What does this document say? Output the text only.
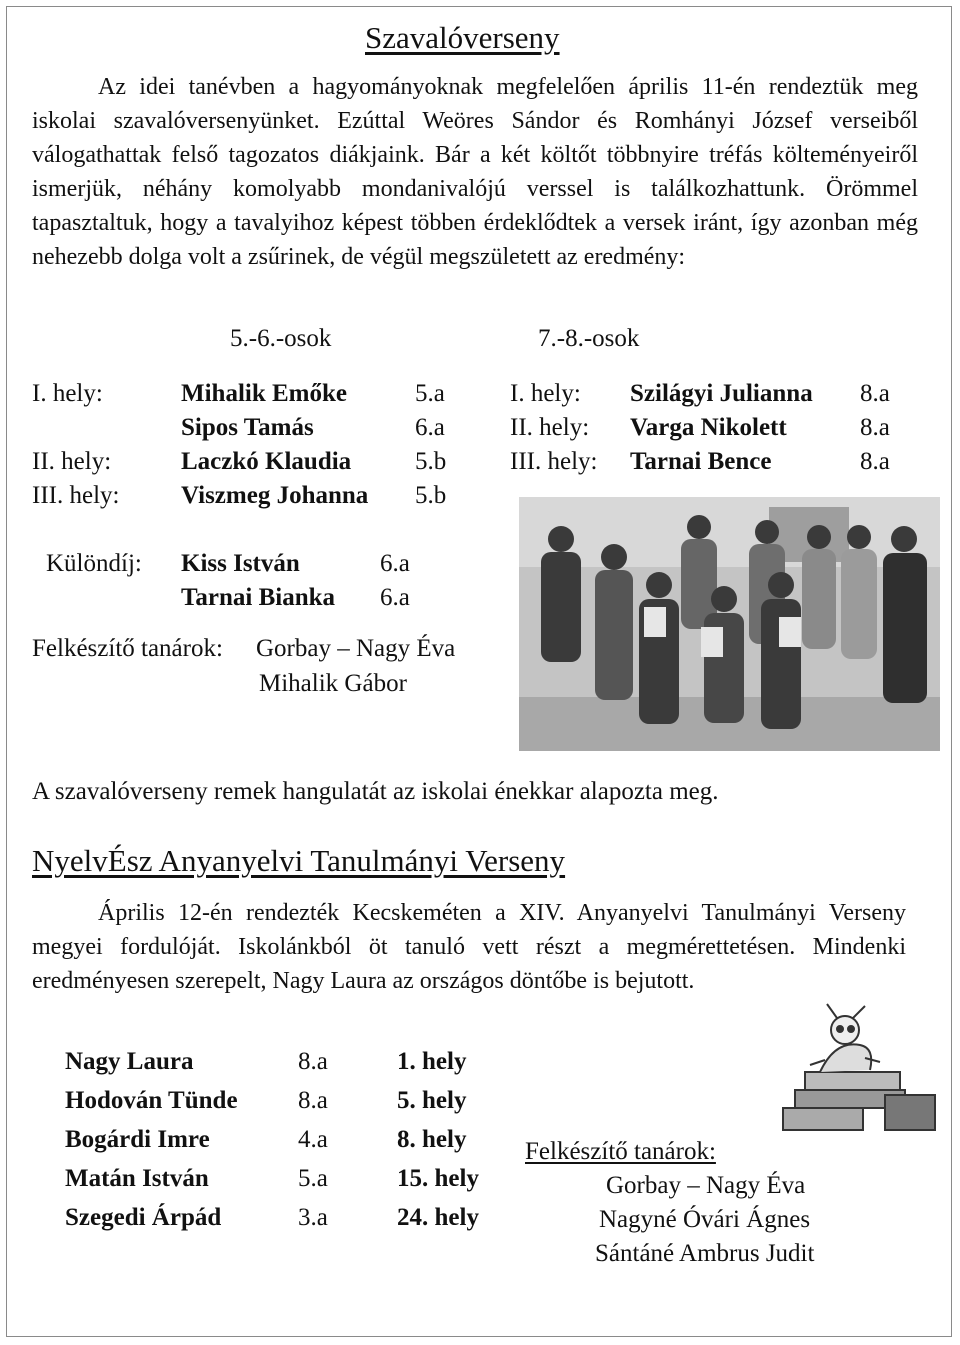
Szavalóverseny
Az idei tanévben a hagyományoknak megfelelően április 11-én rendeztük meg iskolai szavalóversenyünket. Ezúttal Weöres Sándor és Romhányi József verseiből válogathattak felső tagozatos diákjaink. Bár a két költőt többnyire tréfás költeményeiről ismerjük, néhány komolyabb mondanivalójú verssel is találkozhattunk. Örömmel tapasztaltuk, hogy a tavalyihoz képest többen érdeklődtek a versek iránt, így azonban még nehezebb dolga volt a zsűrinek, de végül megszületett az eredmény:
5.-6.-osok	7.-8.-osok
I. hely:	Mihalik Emőke	5.a
Sipos Tamás	6.a
II. hely:	Laczkó Klaudia	5.b
III. hely: Viszmeg Johanna 5.b
I. hely: Szilágyi Julianna 8.a
II. hely: Varga Nikolett	8.a
III. hely: Tarnai Bence	8.a
Különdíj: Kiss István	6.a
Tarnai Bianka 6.a
Felkészítő tanárok: Gorbay – Nagy Éva
Mihalik Gábor
A szavalóverseny remek hangulatát az iskolai énekkar alapozta meg.
NyelvÉsz Anyanyelvi Tanulmányi Verseny
Április 12-én rendezték Kecskeméten a XIV. Anyanyelvi Tanulmányi Verseny megyei fordulóját. Iskolánkból öt tanuló vett részt a megmérettetésen. Mindenki eredményesen szerepelt, Nagy Laura az országos döntőbe is bejutott.
Nagy Laura	8.a	1. hely
Hodován Tünde 8.a	5. hely
Bogárdi Imre	4.a	8. hely
Matán István	5.a	15. hely
Szegedi Árpád	3.a	24. hely
Felkészítő tanárok:
Gorbay – Nagy Éva
Nagyné Óvári Ágnes
Sántáné Ambrus Judit
